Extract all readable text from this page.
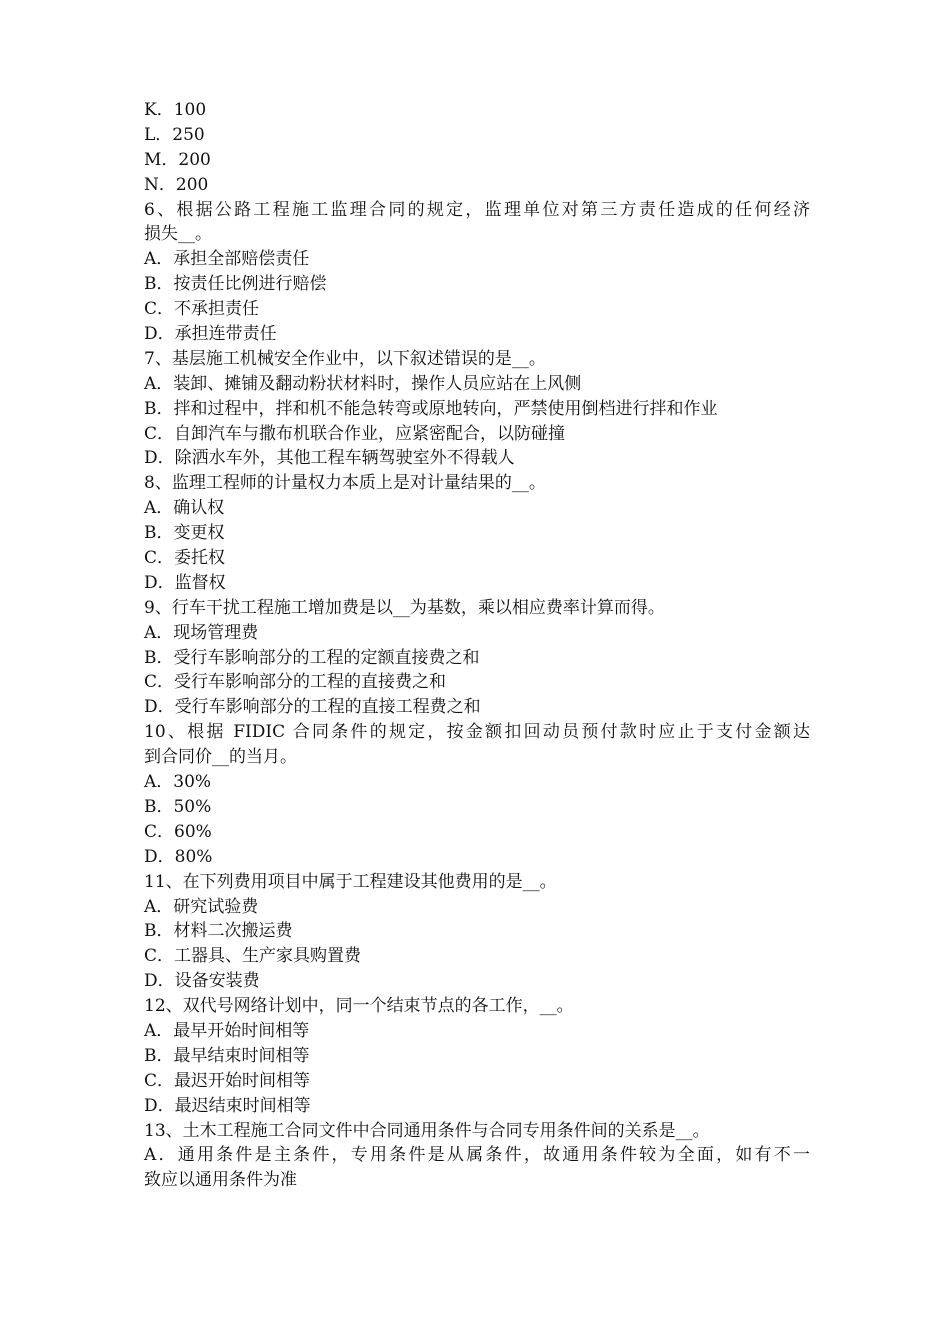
K．100
L．250
M．200
N．200
6、根据公路工程施工监理合同的规定，监理单位对第三方责任造成的任何经济
损失__。
A．承担全部赔偿责任
B．按责任比例进行赔偿
C．不承担责任
D．承担连带责任
7、基层施工机械安全作业中，以下叙述错误的是__。
A．装卸、摊铺及翻动粉状材料时，操作人员应站在上风侧
B．拌和过程中，拌和机不能急转弯或原地转向，严禁使用倒档进行拌和作业
C．自卸汽车与撒布机联合作业，应紧密配合，以防碰撞
D．除洒水车外，其他工程车辆驾驶室外不得载人
8、监理工程师的计量权力本质上是对计量结果的__。
A．确认权
B．变更权
C．委托权
D．监督权
9、行车干扰工程施工增加费是以__为基数，乘以相应费率计算而得。
A．现场管理费
B．受行车影响部分的工程的定额直接费之和
C．受行车影响部分的工程的直接费之和
D．受行车影响部分的工程的直接工程费之和
10、根据 FIDIC 合同条件的规定，按金额扣回动员预付款时应止于支付金额达
到合同价__的当月。
A．30%
B．50%
C．60%
D．80%
11、在下列费用项目中属于工程建设其他费用的是__。
A．研究试验费
B．材料二次搬运费
C．工器具、生产家具购置费
D．设备安装费
12、双代号网络计划中，同一个结束节点的各工作，__。
A．最早开始时间相等
B．最早结束时间相等
C．最迟开始时间相等
D．最迟结束时间相等
13、土木工程施工合同文件中合同通用条件与合同专用条件间的关系是__。
A．通用条件是主条件，专用条件是从属条件，故通用条件较为全面，如有不一
致应以通用条件为准
